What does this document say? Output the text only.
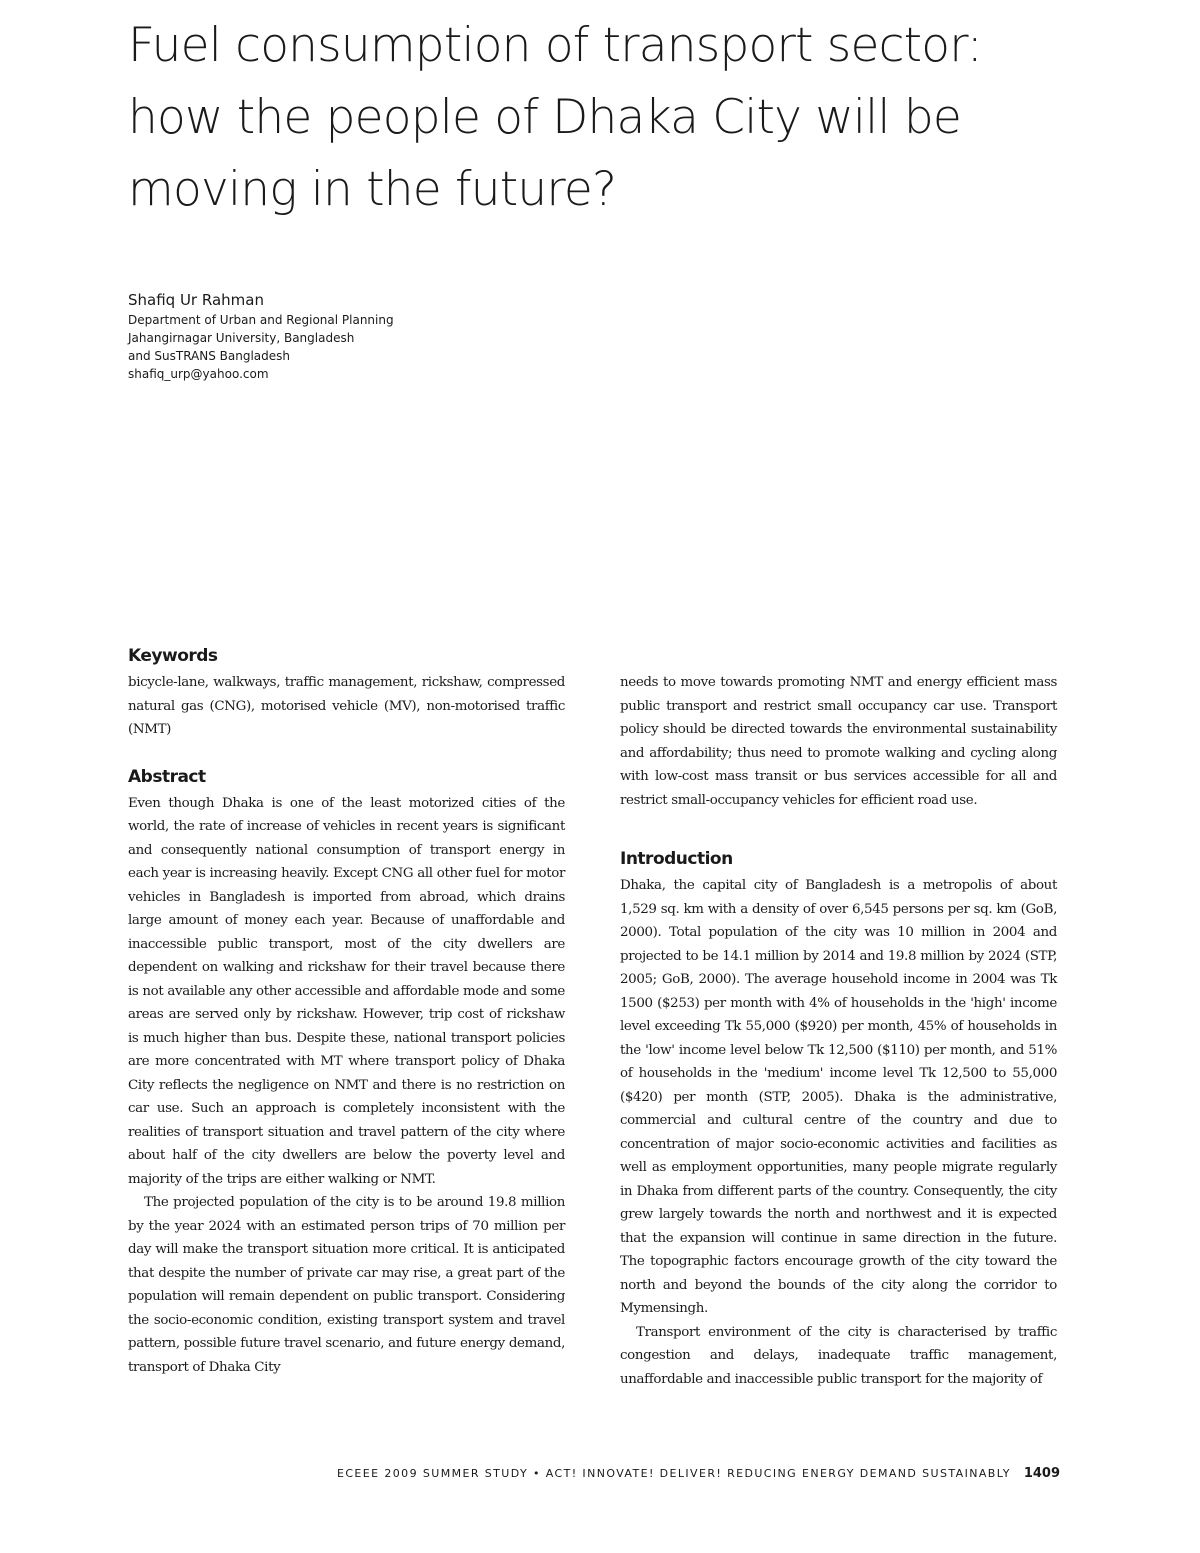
Fuel consumption of transport sector:
how the people of Dhaka City will be
moving in the future?
Shafiq Ur Rahman
Department of Urban and Regional Planning
Jahangirnagar University, Bangladesh
and SusTRANS Bangladesh
shafiq_urp@yahoo.com
Keywords

bicycle-lane, walkways, traffic management, rickshaw, compressed natural gas (CNG), motorised vehicle (MV), non-motorised traffic (NMT)

Abstract

Even though Dhaka is one of the least motorized cities of the world, the rate of increase of vehicles in recent years is significant and consequently national consumption of transport energy in each year is increasing heavily. Except CNG all other fuel for motor vehicles in Bangladesh is imported from abroad, which drains large amount of money each year. Because of unaffordable and inaccessible public transport, most of the city dwellers are dependent on walking and rickshaw for their travel because there is not available any other accessible and affordable mode and some areas are served only by rickshaw. However, trip cost of rickshaw is much higher than bus. Despite these, national transport policies are more concentrated with MT where transport policy of Dhaka City reflects the negligence on NMT and there is no restriction on car use. Such an approach is completely inconsistent with the realities of transport situation and travel pattern of the city where about half of the city dwellers are below the poverty level and majority of the trips are either walking or NMT.

The projected population of the city is to be around 19.8 million by the year 2024 with an estimated person trips of 70 million per day will make the transport situation more critical. It is anticipated that despite the number of private car may rise, a great part of the population will remain dependent on public transport. Considering the socio-economic condition, existing transport system and travel pattern, possible future travel scenario, and future energy demand, transport of Dhaka City

needs to move towards promoting NMT and energy efficient mass public transport and restrict small occupancy car use. Transport policy should be directed towards the environmental sustainability and affordability; thus need to promote walking and cycling along with low-cost mass transit or bus services accessible for all and restrict small-occupancy vehicles for efficient road use.

Introduction

Dhaka, the capital city of Bangladesh is a metropolis of about 1,529 sq. km with a density of over 6,545 persons per sq. km (GoB, 2000). Total population of the city was 10 million in 2004 and projected to be 14.1 million by 2014 and 19.8 million by 2024 (STP, 2005; GoB, 2000). The average household income in 2004 was Tk 1500 ($253) per month with 4% of households in the 'high' income level exceeding Tk 55,000 ($920) per month, 45% of households in the 'low' income level below Tk 12,500 ($110) per month, and 51% of households in the 'medium' income level Tk 12,500 to 55,000 ($420) per month (STP, 2005). Dhaka is the administrative, commercial and cultural centre of the country and due to concentration of major socio-economic activities and facilities as well as employment opportunities, many people migrate regularly in Dhaka from different parts of the country. Consequently, the city grew largely towards the north and northwest and it is expected that the expansion will continue in same direction in the future. The topographic factors encourage growth of the city toward the north and beyond the bounds of the city along the corridor to Mymensingh.

Transport environment of the city is characterised by traffic congestion and delays, inadequate traffic management, unaffordable and inaccessible public transport for the majority of

ECEEE 2009 SUMMER STUDY • ACT! INNOVATE! DELIVER! REDUCING ENERGY DEMAND SUSTAINABLY 1409
